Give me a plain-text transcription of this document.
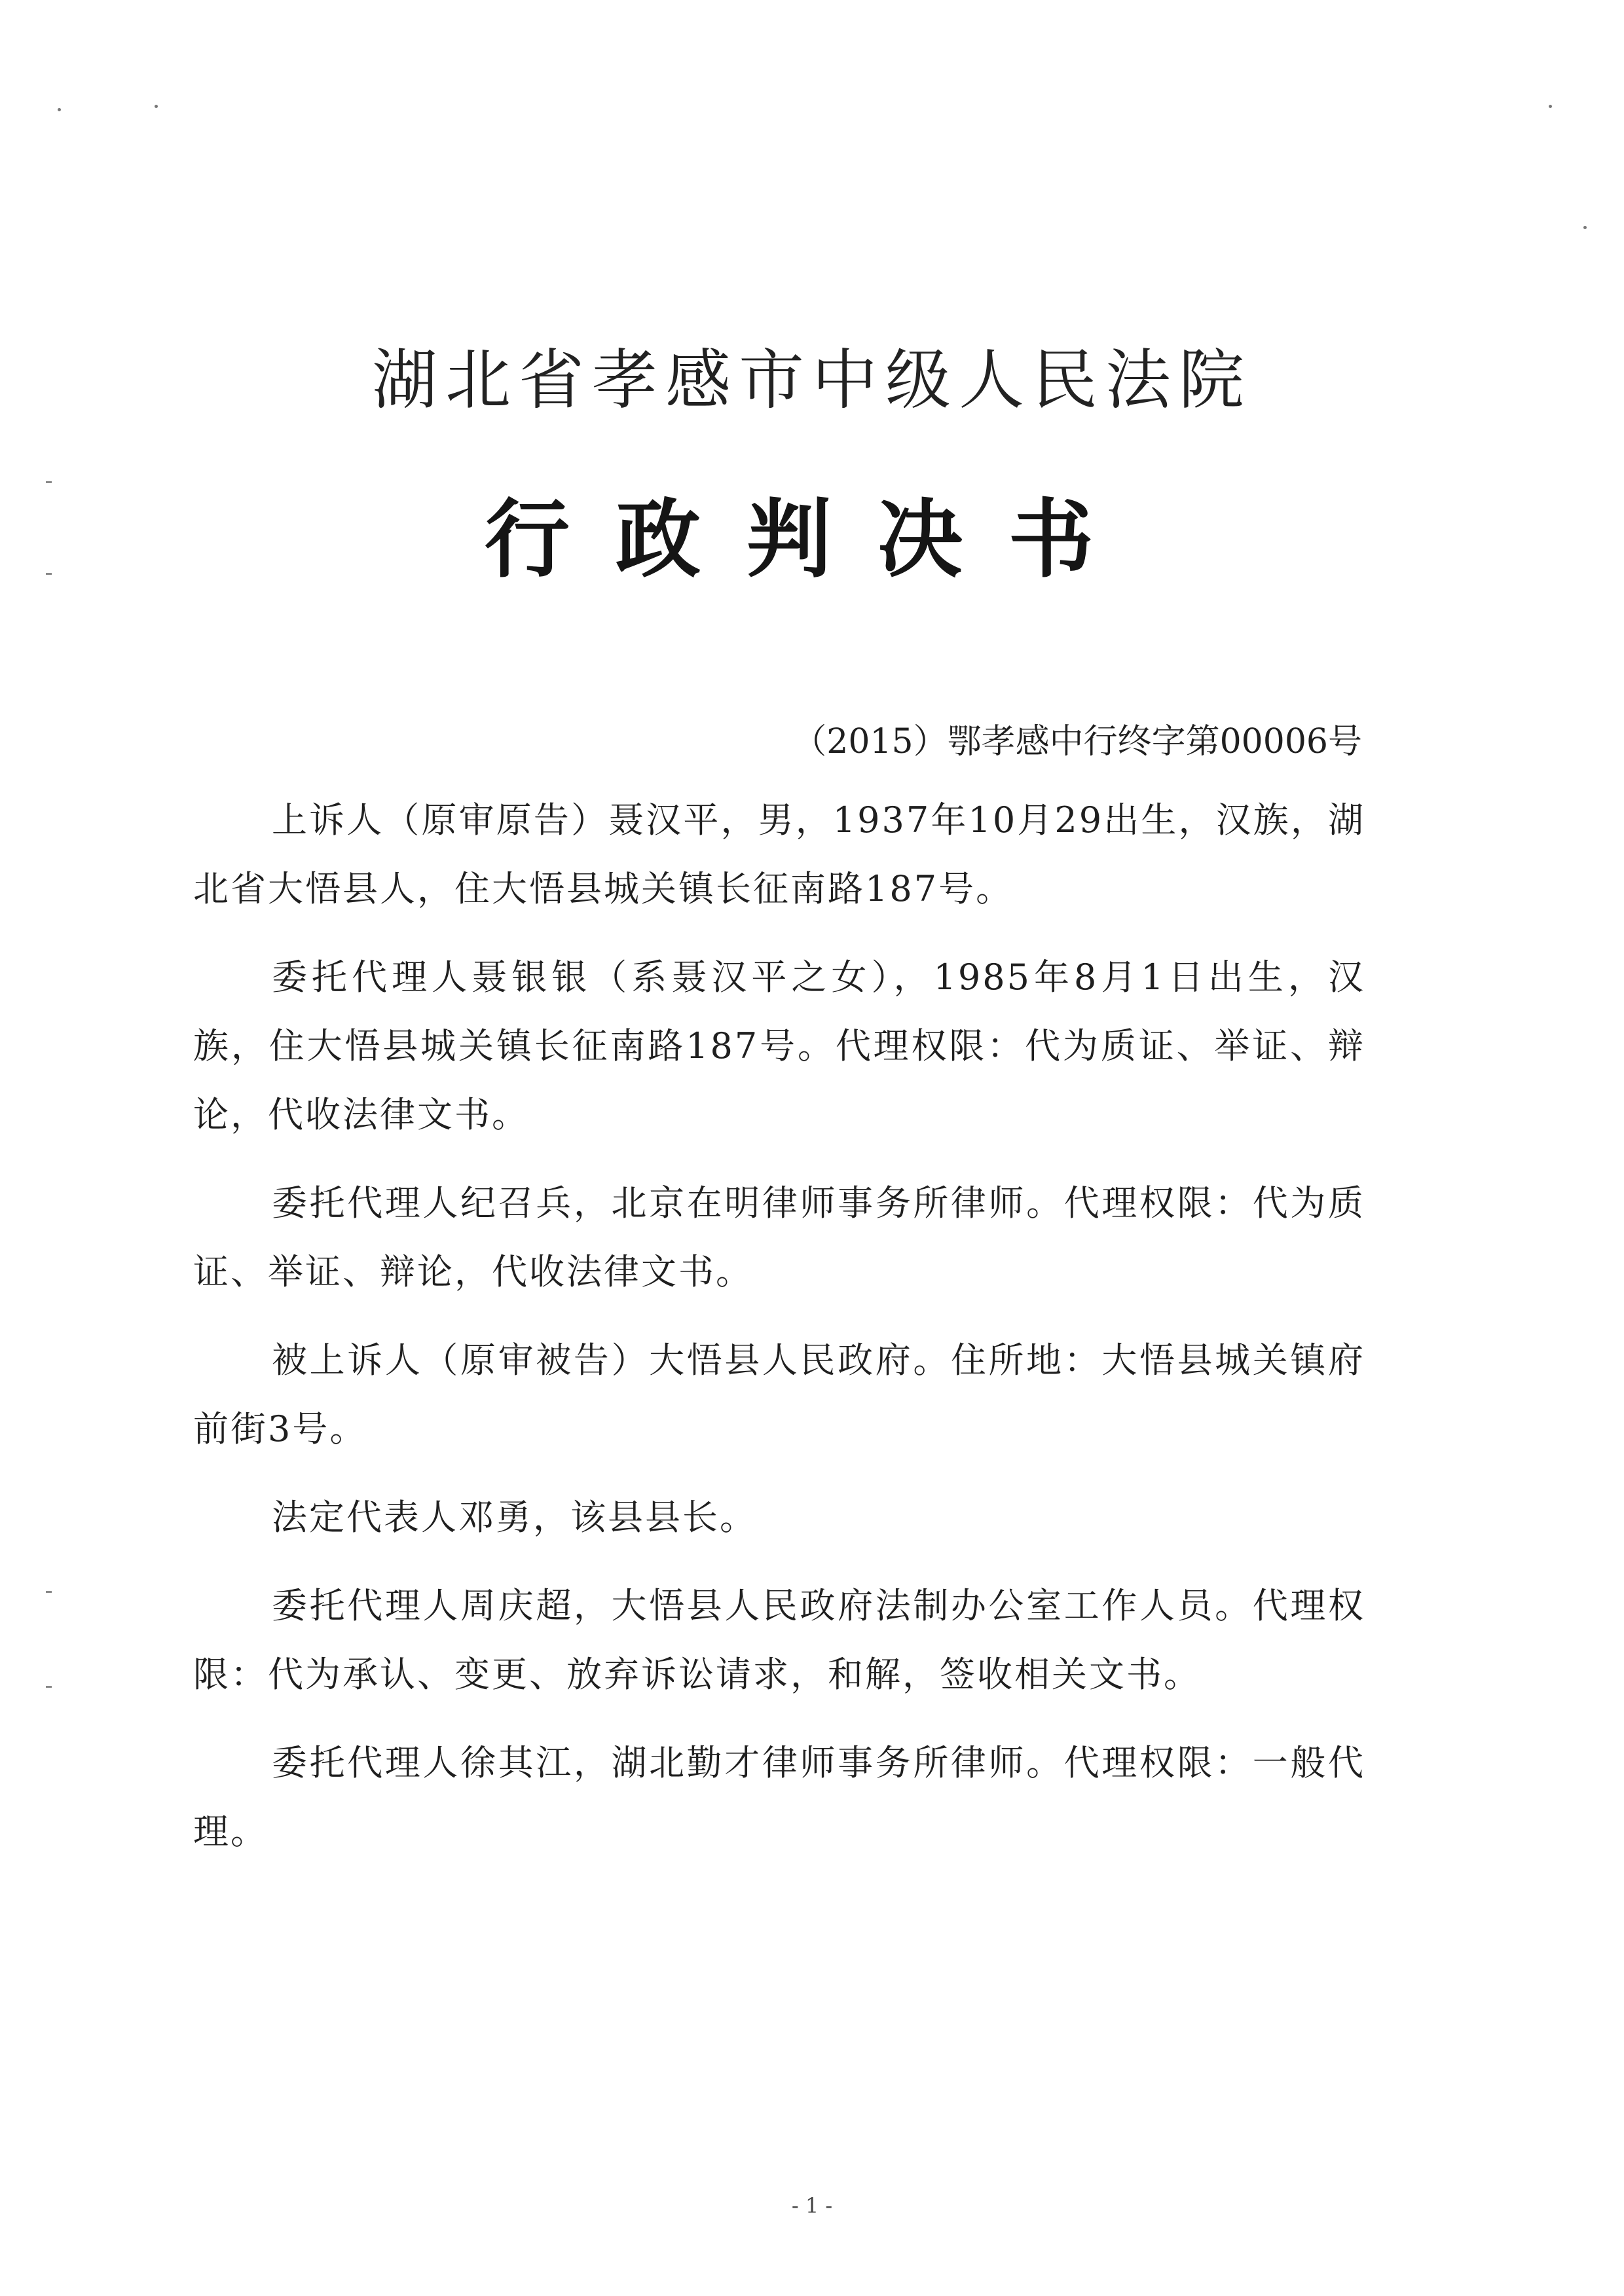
湖北省孝感市中级人民法院
行政判决书
（2015）鄂孝感中行终字第00006号

上诉人（原审原告）聂汉平，男，1937年10月29出生，汉族，湖北省大悟县人，住大悟县城关镇长征南路187号。

委托代理人聂银银（系聂汉平之女），1985年8月1日出生，汉族，住大悟县城关镇长征南路187号。代理权限：代为质证、举证、辩论，代收法律文书。

委托代理人纪召兵，北京在明律师事务所律师。代理权限：代为质证、举证、辩论，代收法律文书。

被上诉人（原审被告）大悟县人民政府。住所地：大悟县城关镇府前街3号。

法定代表人邓勇，该县县长。

委托代理人周庆超，大悟县人民政府法制办公室工作人员。代理权限：代为承认、变更、放弃诉讼请求，和解，签收相关文书。

委托代理人徐其江，湖北勤才律师事务所律师。代理权限：一般代理。

- 1 -
